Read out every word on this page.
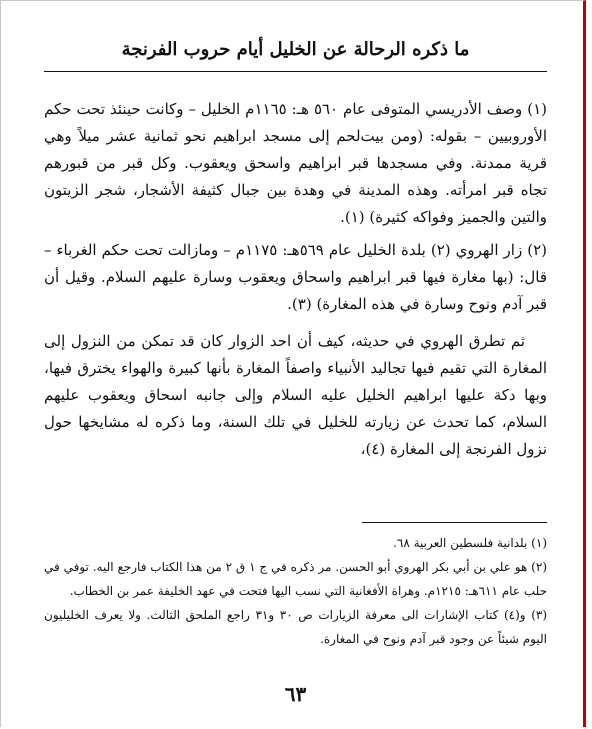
ما ذكره الرحالة عن الخليل أيام حروب الفرنجة

(١) وصف الأدريسي المتوفى عام ٥٦٠ هـ: ١١٦٥م الخليل – وكانت حينئذ تحت حكم الأوروبيين – بقوله: (ومن بيت‌لحم إلى مسجد ابراهيم نحو ثمانية عشر ميلاً وهي قرية ممدنة. وفي مسجدها قبر ابراهيم واسحق ويعقوب. وكل قبر من قبورهم تجاه قبر امرأته. وهذه المدينة في وهدة بين جبال كثيفة الأشجار، شجر الزيتون والتين والجميز وفواكه كثيرة) (١).

(٢) زار الهروي (٢) بلدة الخليل عام ٥٦٩هـ: ١١٧٥م – ومازالت تحت حكم الغرباء – قال: (بها مغارة فيها قبر ابراهيم واسحاق ويعقوب وسارة عليهم السلام. وقيل أن قبر آدم ونوح وسارة في هذه المغارة) (٣).

ثم تطرق الهروي في حديثه، كيف أن احد الزوار كان قد تمكن من النزول إلى المغارة التي تقيم فيها تجاليد الأنبياء واصفاً المغارة بأنها كبيرة والهواء يخترق فيها، وبها دكة عليها ابراهيم الخليل عليه السلام وإلى جانبه اسحاق ويعقوب عليهم السلام، كما تحدث عن زيارته للخليل في تلك السنة، وما ذكره له مشايخها حول نزول الفرنجة إلى المغارة (٤)،

(١) بلدانية فلسطين العربية ٦٨.

(٢) هو علي بن أبي بكر الهروي أبو الحسن. مر ذكره في ج ١ ق ٢ من هذا الكتاب فارجع اليه. توفي في حلب عام ٦١١هـ: ١٢١٥م. وهراة الأفغانية التي نسب اليها فتحت في عهد الخليفة عمر بن الخطاب.

(٣) و(٤) كتاب الإشارات الى معرفة الزيارات ص ٣٠ و٣١ راجع الملحق الثالث. ولا يعرف الخليليون اليوم شيئاً عن وجود قبر آدم ونوح في المغارة.

٦٣
